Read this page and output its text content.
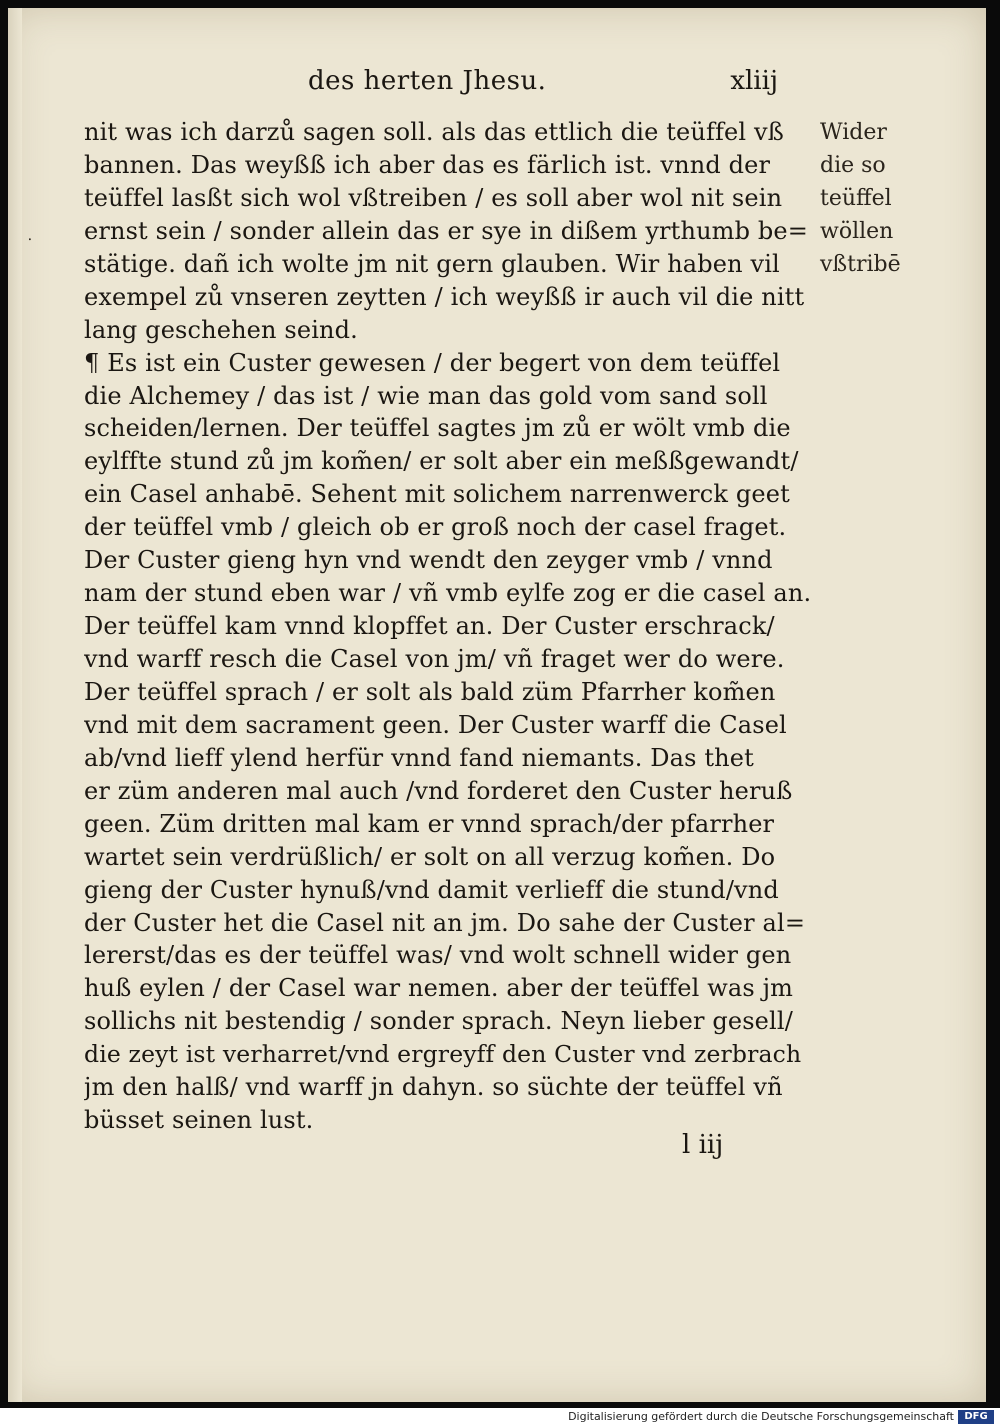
des herten Jhesu.	xliij
⸱
nit was ich darzů sagen soll. als das ettlich die teüffel vß
bannen. Das weyßß ich aber das es färlich ist. vnnd der
teüffel lasßt sich wol vßtreiben / es soll aber wol nit sein
ernst sein / sonder allein das er sye in dißem yrthumb be=
stätige. dañ ich wolte jm nit gern glauben. Wir haben vil
exempel zů vnseren zeytten / ich weyßß ir auch vil die nitt
lang geschehen seind.
¶ Es ist ein Custer gewesen / der begert von dem teüffel
die Alchemey / das ist / wie man das gold vom sand soll
scheiden/lernen. Der teüffel sagtes jm zů er wölt vmb die
eylffte stund zů jm kom̃en/ er solt aber ein meßßgewandt/
ein Casel anhabē. Sehent mit solichem narrenwerck geet
der teüffel vmb / gleich ob er groß noch der casel fraget.
Der Custer gieng hyn vnd wendt den zeyger vmb / vnnd
nam der stund eben war / vñ vmb eylfe zog er die casel an.
Der teüffel kam vnnd klopffet an. Der Custer erschrack/
vnd warff resch die Casel von jm/ vñ fraget wer do were.
Der teüffel sprach / er solt als bald züm Pfarrher kom̃en
vnd mit dem sacrament geen. Der Custer warff die Casel
ab/vnd lieff ylend herfür vnnd fand niemants. Das thet
er züm anderen mal auch /vnd forderet den Custer heruß
geen. Züm dritten mal kam er vnnd sprach/der pfarrher
wartet sein verdrüßlich/ er solt on all verzug kom̃en. Do
gieng der Custer hynuß/vnd damit verlieff die stund/vnd
der Custer het die Casel nit an jm. Do sahe der Custer al=
lererst/das es der teüffel was/ vnd wolt schnell wider gen
huß eylen / der Casel war nemen. aber der teüffel was jm
sollichs nit bestendig / sonder sprach. Neyn lieber gesell/
die zeyt ist verharret/vnd ergreyff den Custer vnd zerbrach
jm den halß/ vnd warff jn dahyn. so süchte der teüffel vñ
büsset seinen lust.
Wider
die so
teüffel
wöllen
vßtribē
l iij
Digitalisierung gefördert durch die Deutsche Forschungsgemeinschaft	DFG
